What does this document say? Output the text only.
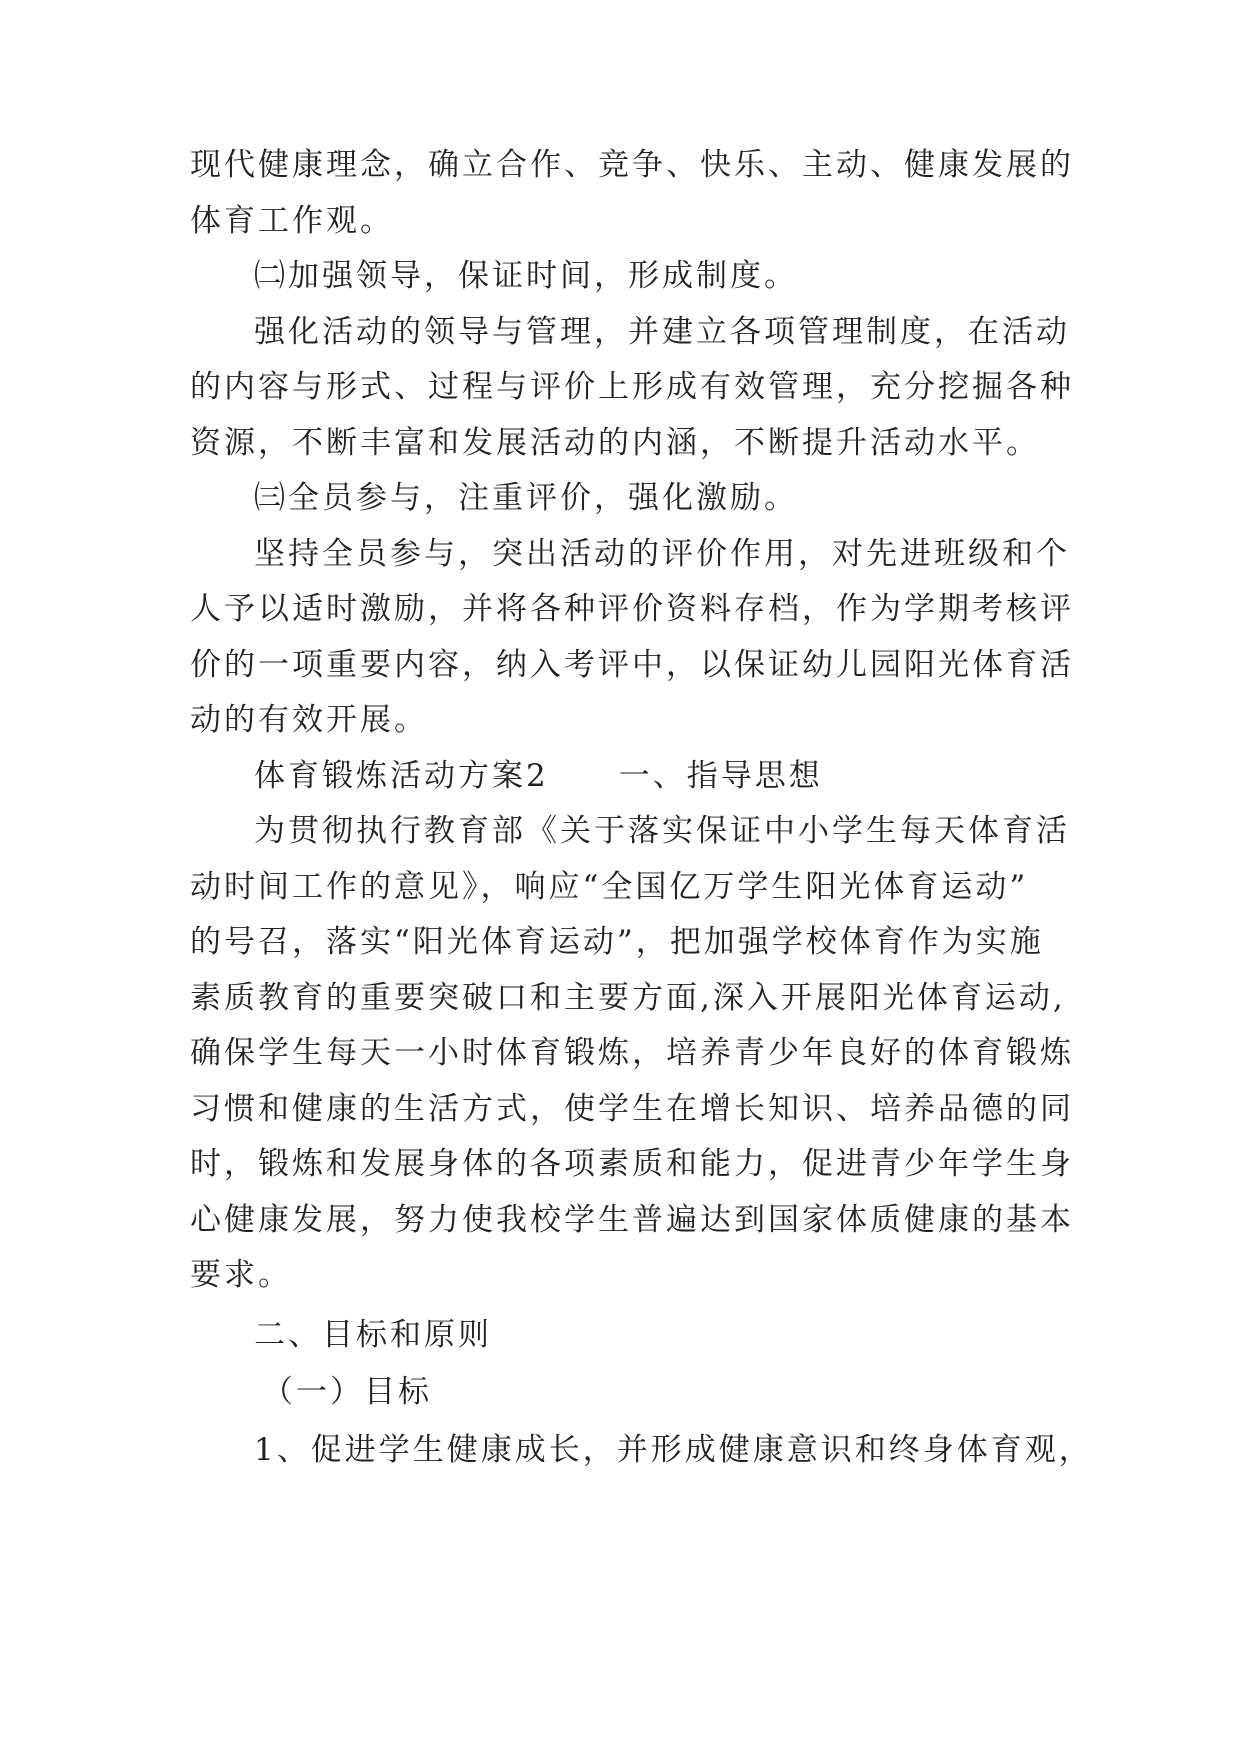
现代健康理念，确立合作、竞争、快乐、主动、健康发展的

体育工作观。

㈡加强领导，保证时间，形成制度。

强化活动的领导与管理，并建立各项管理制度，在活动

的内容与形式、过程与评价上形成有效管理，充分挖掘各种

资源，不断丰富和发展活动的内涵，不断提升活动水平。

㈢全员参与，注重评价，强化激励。

坚持全员参与，突出活动的评价作用，对先进班级和个

人予以适时激励，并将各种评价资料存档，作为学期考核评

价的一项重要内容，纳入考评中，以保证幼儿园阳光体育活

动的有效开展。

体育锻炼活动方案2 一、指导思想

为贯彻执行教育部《关于落实保证中小学生每天体育活

动时间工作的意见》，响应“全国亿万学生阳光体育运动”

的号召，落实“阳光体育运动”，把加强学校体育作为实施

素质教育的重要突破口和主要方面,深入开展阳光体育运动,

确保学生每天一小时体育锻炼，培养青少年良好的体育锻炼

习惯和健康的生活方式，使学生在增长知识、培养品德的同

时，锻炼和发展身体的各项素质和能力，促进青少年学生身

心健康发展，努力使我校学生普遍达到国家体质健康的基本

要求。

二、目标和原则

（一）目标

1、促进学生健康成长，并形成健康意识和终身体育观，
